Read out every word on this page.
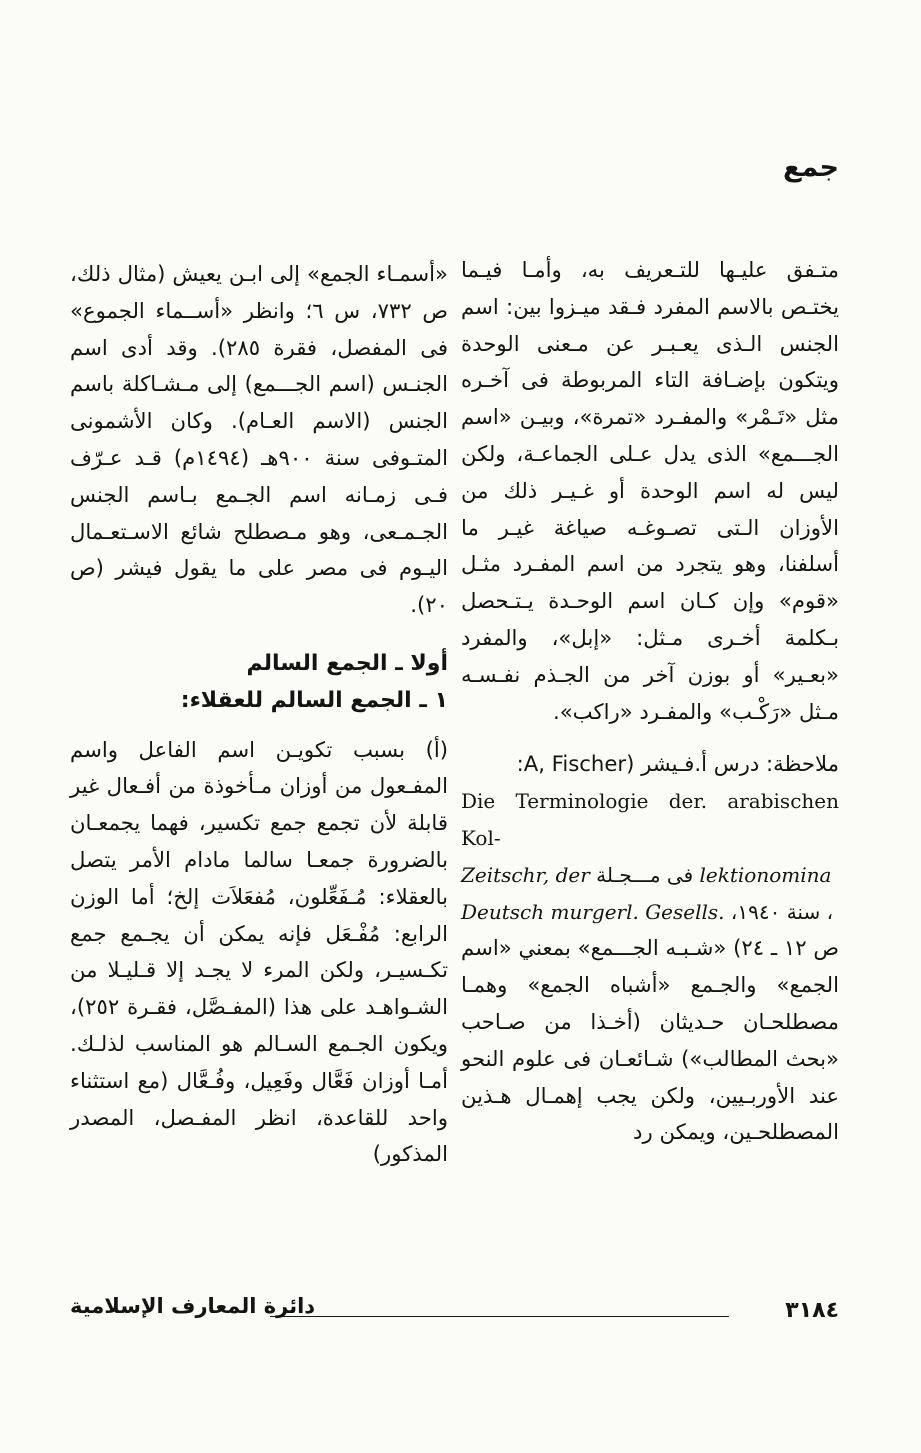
جمع

متـفق عليـها للتـعريف به، وأمـا فيـما يختـص بالاسم المفرد فـقد ميـزوا بين: اسم الجنس الـذى يعـبـر عن مـعنى الوحدة ويتكون بإضـافة التاء المربوطة فى آخـره مثل «تَـمْر» والمفـرد «تمرة»، وبيـن «اسم الجـــمع» الذى يدل عـلى الجماعـة، ولكن ليس له اسم الوحدة أو غـيـر ذلك من الأوزان الـتى تصـوغـه صياغة غيـر ما أسلفنا، وهو يتجرد من اسم المفـرد مثـل «قوم» وإن كـان اسم الوحـدة يـتـحصل بـكلمة أخـرى مـثل: «إبل»، والمفرد «بعـير» أو بوزن آخر من الجـذم نفـسـه مـثل «رَكْـب» والمفـرد «راكب».

ملاحظة: درس أ.فـيشر (A, Fischer:

Die Terminologie der. arabischen Kol-

Zeitschr, der فى مـــجـلة lektionomina

Deutsch murgerl. Gesells. ، سنة ١٩٤٠،

ص ١٢ ـ ٢٤) «شـبـه الجـــمع» بمعني «اسم الجمع» والجـمع «أشباه الجمع» وهمـا مصطلحـان حـديثان (أخـذا من صـاحب «بحث المطالب») شـائعـان فى علوم النحو عند الأوربـيين، ولكن يجب إهمـال هـذين المصطلحـين، ويمكن رد

«أسمـاء الجمع» إلى ابـن يعيش (مثال ذلك، ص ٧٣٢، س ٦؛ وانظر «أســماء الجموع» فى المفصل، فقرة ٢٨٥). وقد أدى اسم الجنـس (اسم الجـــمع) إلى مـشـاكلة باسم الجنس (الاسم العـام). وكان الأشمونى المتـوفى سنة ٩٠٠هـ (١٤٩٤م) قـد عـرّف فـى زمـانه اسم الجـمع بـاسم الجنس الجـمـعى، وهو مـصطلح شائع الاسـتعـمال اليـوم فى مصر على ما يقول فيشر (ص ٢٠).

أولا ـ الجمع السالم

١ ـ الجمع السالم للعقلاء:

(أ) بسبب تكويـن اسم الفاعل واسم المفـعول من أوزان مـأخوذة من أفـعال غير قابلة لأن تجمع جمع تكسير، فهما يجمعـان بالضرورة جمعـا سالما مادام الأمر يتصل بالعقلاء: مُـفَعِّلون، مُفعَلاَت إلخ؛ أما الوزن الرابع: مُفْـعَل فإنه يمكن أن يجـمع جمع تكـسيـر، ولكن المرء لا يجـد إلا قـليـلا من الشـواهـد على هذا (المفـصَّل، فقـرة ٢٥٢)، ويكون الجـمع السـالم هو المناسب لذلـك. أمـا أوزان فَعَّال وفَعِيل، وفُـعَّال (مع استثناء واحد للقاعدة، انظر المفـصل، المصدر المذكور)

٣١٨٤
دائرة المعارف الإسلامية
